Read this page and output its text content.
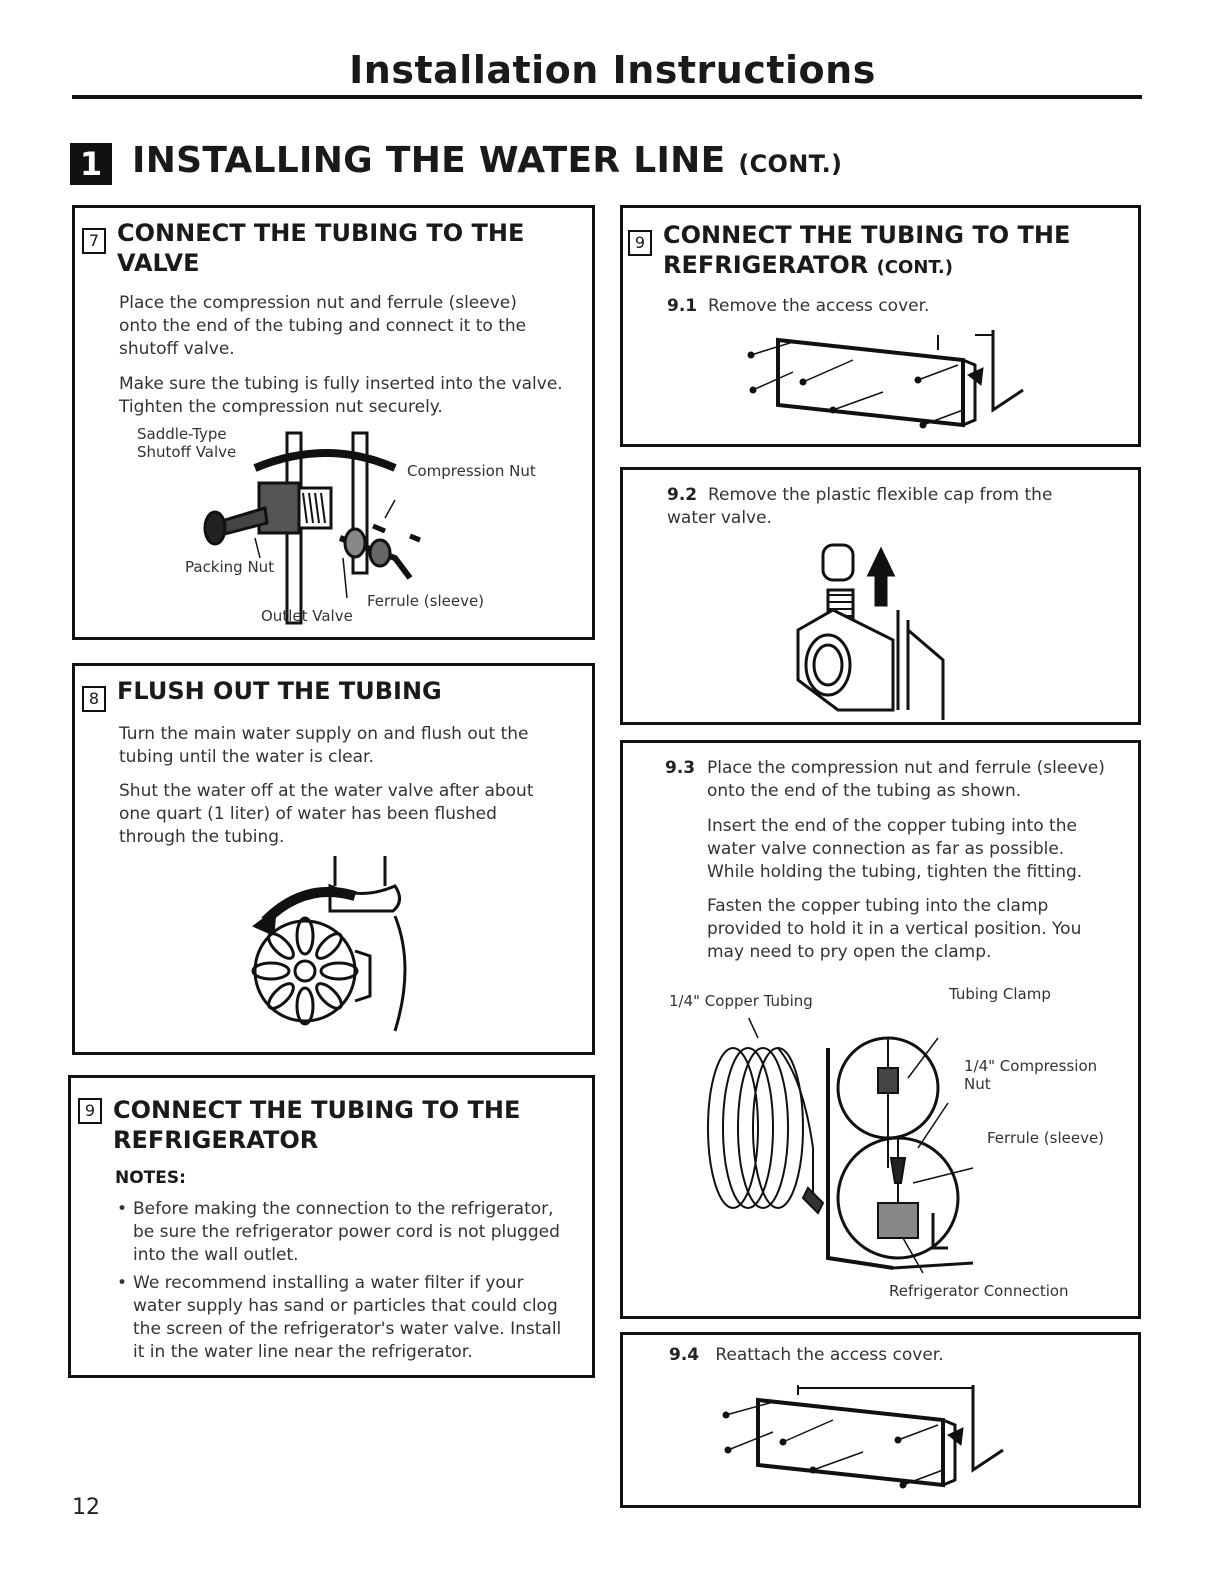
Installation Instructions
1 INSTALLING THE WATER LINE (CONT.)
7 CONNECT THE TUBING TO THE VALVE
Place the compression nut and ferrule (sleeve) onto the end of the tubing and connect it to the shutoff valve.
Make sure the tubing is fully inserted into the valve. Tighten the compression nut securely.
Saddle-Type
Shutoff Valve
Compression Nut
Packing Nut
Ferrule (sleeve)
Outlet Valve
8 FLUSH OUT THE TUBING
Turn the main water supply on and flush out the tubing until the water is clear.
Shut the water off at the water valve after about one quart (1 liter) of water has been flushed through the tubing.
9 CONNECT THE TUBING TO THE
REFRIGERATOR
NOTES:
• Before making the connection to the refrigerator, be sure the refrigerator power cord is not plugged into the wall outlet.
• We recommend installing a water filter if your water supply has sand or particles that could clog the screen of the refrigerator's water valve. Install it in the water line near the refrigerator.
9 CONNECT THE TUBING TO THE
REFRIGERATOR (CONT.)
9.1 Remove the access cover.
9.2 Remove the plastic flexible cap from the water valve.
9.3 Place the compression nut and ferrule (sleeve) onto the end of the tubing as shown.
Insert the end of the copper tubing into the water valve connection as far as possible. While holding the tubing, tighten the fitting.
Fasten the copper tubing into the clamp provided to hold it in a vertical position. You may need to pry open the clamp.
1/4" Copper Tubing	Tubing Clamp
1/4" Compression
Nut
Ferrule (sleeve)
Refrigerator Connection
9.4 Reattach the access cover.
12
